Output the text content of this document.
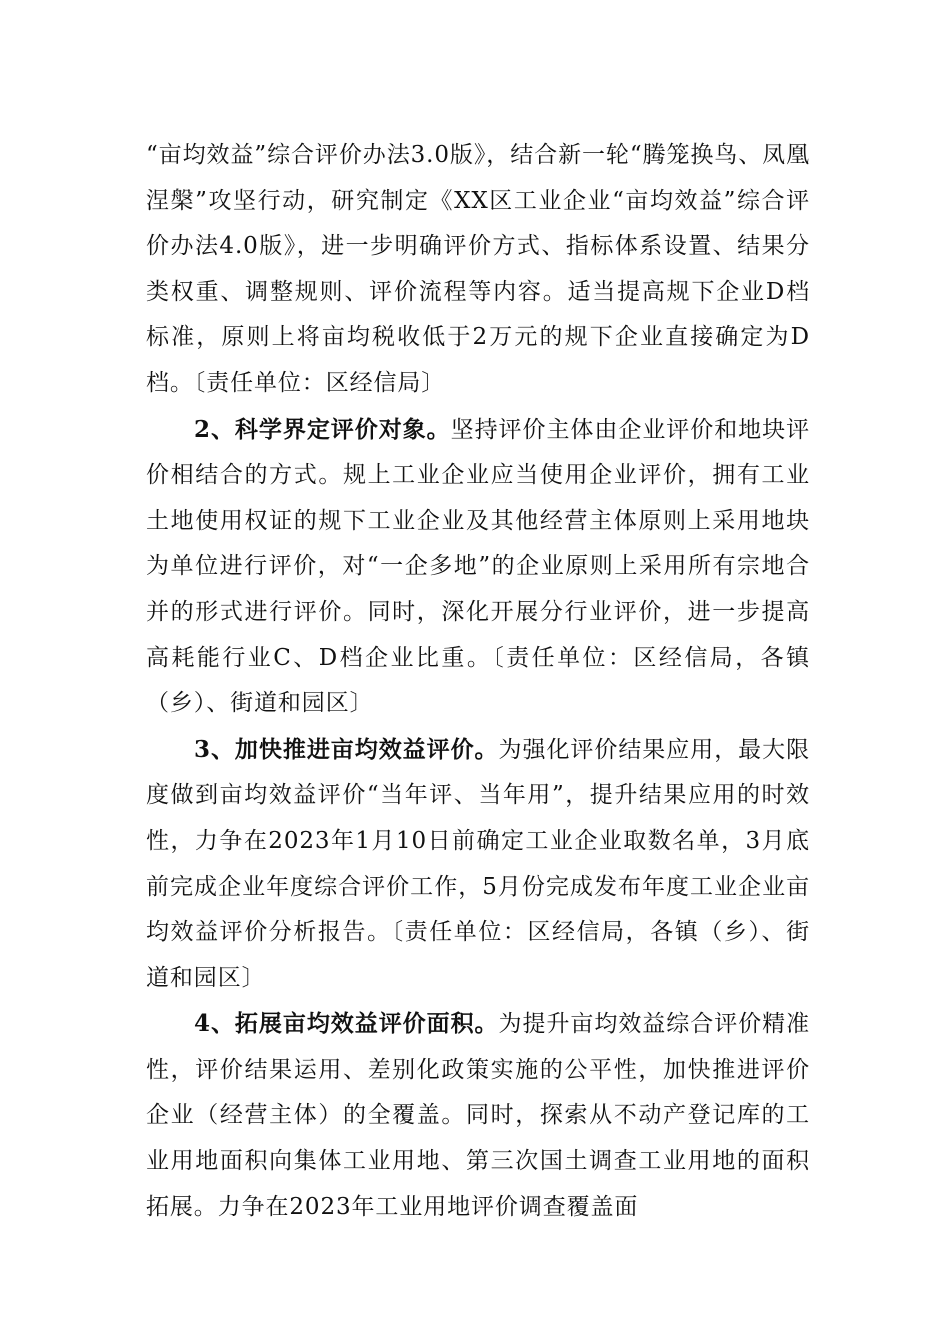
“亩均效益”综合评价办法3.0版》，结合新一轮“腾笼换鸟、凤凰涅槃”攻坚行动，研究制定《XX区工业企业“亩均效益”综合评价办法4.0版》，进一步明确评价方式、指标体系设置、结果分类权重、调整规则、评价流程等内容。适当提高规下企业D档标准，原则上将亩均税收低于2万元的规下企业直接确定为D档。〔责任单位：区经信局〕

2、科学界定评价对象。坚持评价主体由企业评价和地块评价相结合的方式。规上工业企业应当使用企业评价，拥有工业土地使用权证的规下工业企业及其他经营主体原则上采用地块为单位进行评价，对“一企多地”的企业原则上采用所有宗地合并的形式进行评价。同时，深化开展分行业评价，进一步提高高耗能行业C、D档企业比重。〔责任单位：区经信局，各镇（乡）、街道和园区〕

3、加快推进亩均效益评价。为强化评价结果应用，最大限度做到亩均效益评价“当年评、当年用”，提升结果应用的时效性，力争在2023年1月10日前确定工业企业取数名单，3月底前完成企业年度综合评价工作，5月份完成发布年度工业企业亩均效益评价分析报告。〔责任单位：区经信局，各镇（乡）、街道和园区〕

4、拓展亩均效益评价面积。为提升亩均效益综合评价精准性，评价结果运用、差别化政策实施的公平性，加快推进评价企业（经营主体）的全覆盖。同时，探索从不动产登记库的工业用地面积向集体工业用地、第三次国土调查工业用地的面积拓展。力争在2023年工业用地评价调查覆盖面
